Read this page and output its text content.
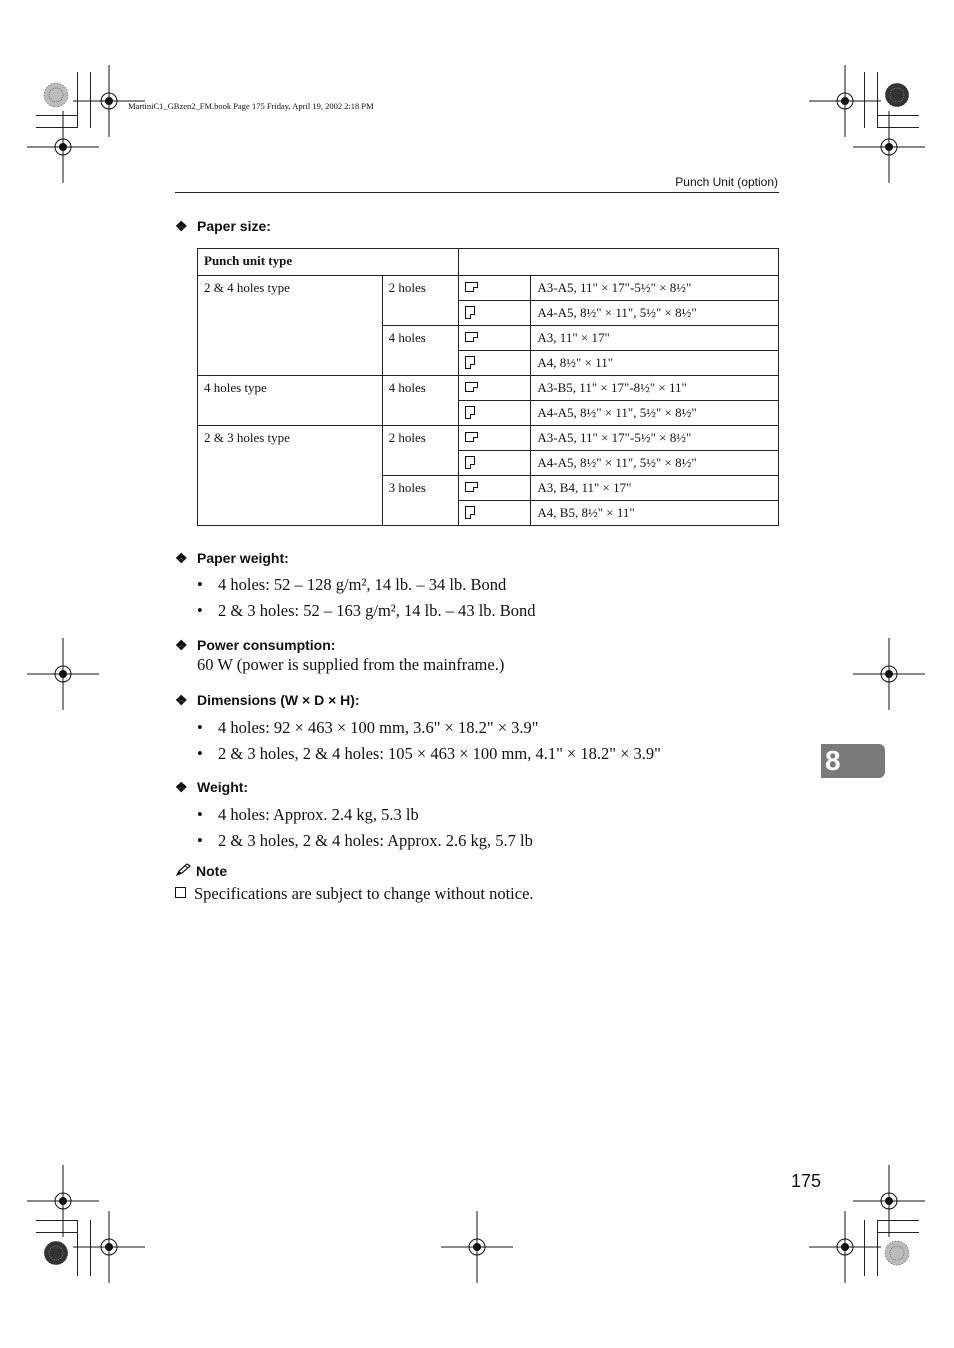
MartiniC1_GBzen2_FM.book Page 175 Friday, April 19, 2002 2:18 PM
Punch Unit (option)
❖ Paper size:
Punch unit type			
2 & 4 holes type	2 holes		A3-A5, 11" × 17"-5½" × 8½"
			A4-A5, 8½" × 11", 5½" × 8½"
	4 holes		A3, 11" × 17"
			A4, 8½" × 11"
4 holes type	4 holes		A3-B5, 11" × 17"-8½" × 11"
			A4-A5, 8½" × 11", 5½" × 8½"
2 & 3 holes type	2 holes		A3-A5, 11" × 17"-5½" × 8½"
			A4-A5, 8½" × 11", 5½" × 8½"
	3 holes		A3, B4, 11" × 17"
			A4, B5, 8½" × 11"
❖ Paper weight:
• 4 holes: 52 – 128 g/m², 14 lb. – 34 lb. Bond
• 2 & 3 holes: 52 – 163 g/m², 14 lb. – 43 lb. Bond
❖ Power consumption:
60 W (power is supplied from the mainframe.)
❖ Dimensions (W × D × H):
• 4 holes: 92 × 463 × 100 mm, 3.6" × 18.2" × 3.9"
• 2 & 3 holes, 2 & 4 holes: 105 × 463 × 100 mm, 4.1" × 18.2" × 3.9"
❖ Weight:
• 4 holes: Approx. 2.4 kg, 5.3 lb
• 2 & 3 holes, 2 & 4 holes: Approx. 2.6 kg, 5.7 lb
Note
Specifications are subject to change without notice.
8
175
